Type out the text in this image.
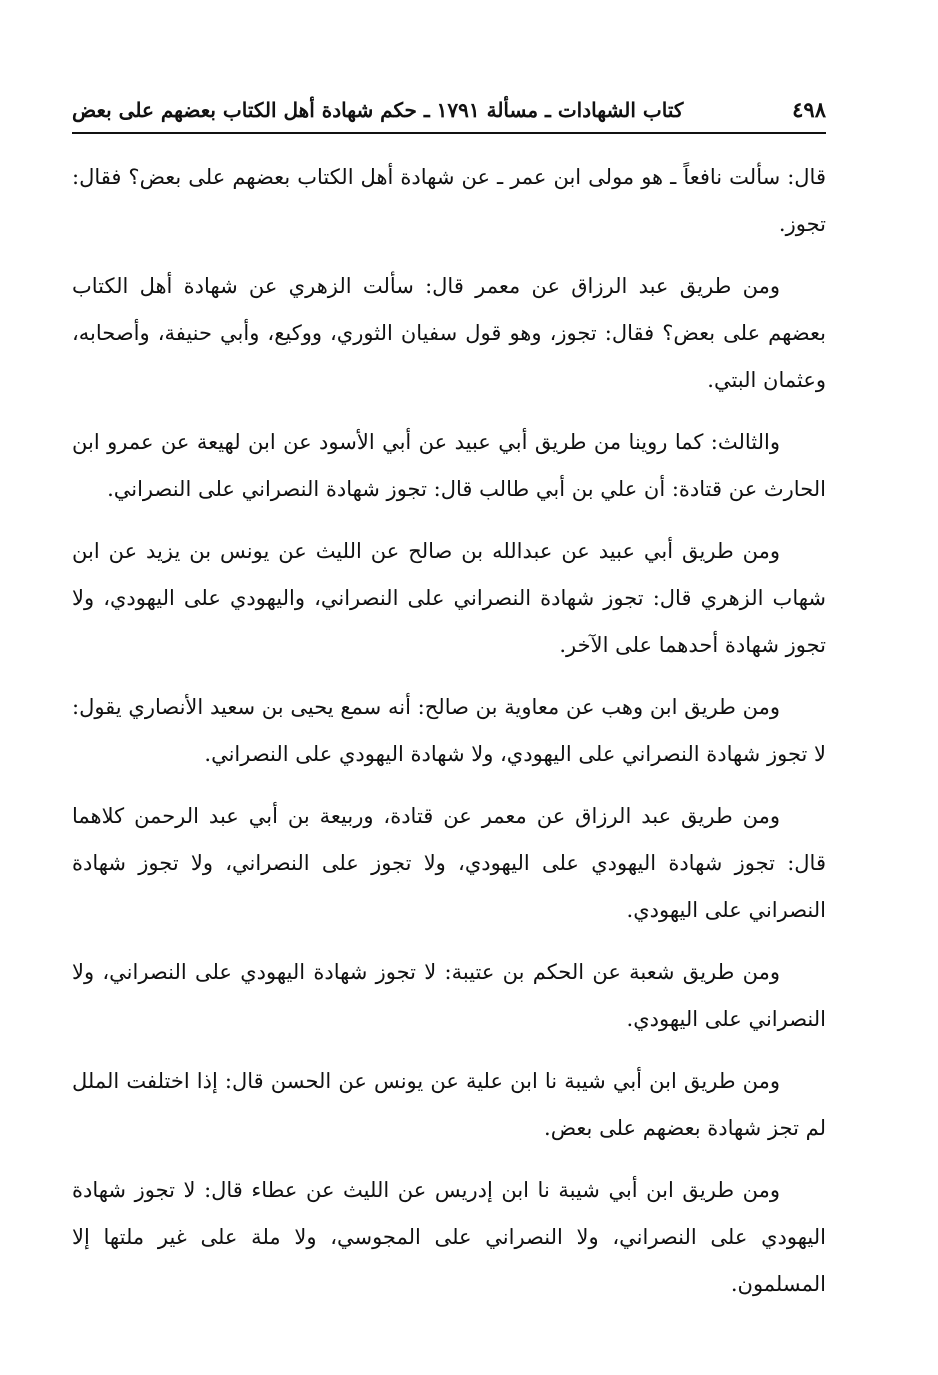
٤٩٨
كتاب الشهادات ـ مسألة ١٧٩١ ـ حكم شهادة أهل الكتاب بعضهم على بعض

قال: سألت نافعاً ـ هو مولى ابن عمر ـ عن شهادة أهل الكتاب بعضهم على بعض؟ فقال: تجوز.

ومن طريق عبد الرزاق عن معمر قال: سألت الزهري عن شهادة أهل الكتاب بعضهم على بعض؟ فقال: تجوز، وهو قول سفيان الثوري، ووكيع، وأبي حنيفة، وأصحابه، وعثمان البتي.

والثالث: كما روينا من طريق أبي عبيد عن أبي الأسود عن ابن لهيعة عن عمرو ابن الحارث عن قتادة: أن علي بن أبي طالب قال: تجوز شهادة النصراني على النصراني.

ومن طريق أبي عبيد عن عبدالله بن صالح عن الليث عن يونس بن يزيد عن ابن شهاب الزهري قال: تجوز شهادة النصراني على النصراني، واليهودي على اليهودي، ولا تجوز شهادة أحدهما على الآخر.

ومن طريق ابن وهب عن معاوية بن صالح: أنه سمع يحيى بن سعيد الأنصاري يقول: لا تجوز شهادة النصراني على اليهودي، ولا شهادة اليهودي على النصراني.

ومن طريق عبد الرزاق عن معمر عن قتادة، وربيعة بن أبي عبد الرحمن كلاهما قال: تجوز شهادة اليهودي على اليهودي، ولا تجوز على النصراني، ولا تجوز شهادة النصراني على اليهودي.

ومن طريق شعبة عن الحكم بن عتيبة: لا تجوز شهادة اليهودي على النصراني، ولا النصراني على اليهودي.

ومن طريق ابن أبي شيبة نا ابن علية عن يونس عن الحسن قال: إذا اختلفت الملل لم تجز شهادة بعضهم على بعض.

ومن طريق ابن أبي شيبة نا ابن إدريس عن الليث عن عطاء قال: لا تجوز شهادة اليهودي على النصراني، ولا النصراني على المجوسي، ولا ملة على غير ملتها إلا المسلمون.
